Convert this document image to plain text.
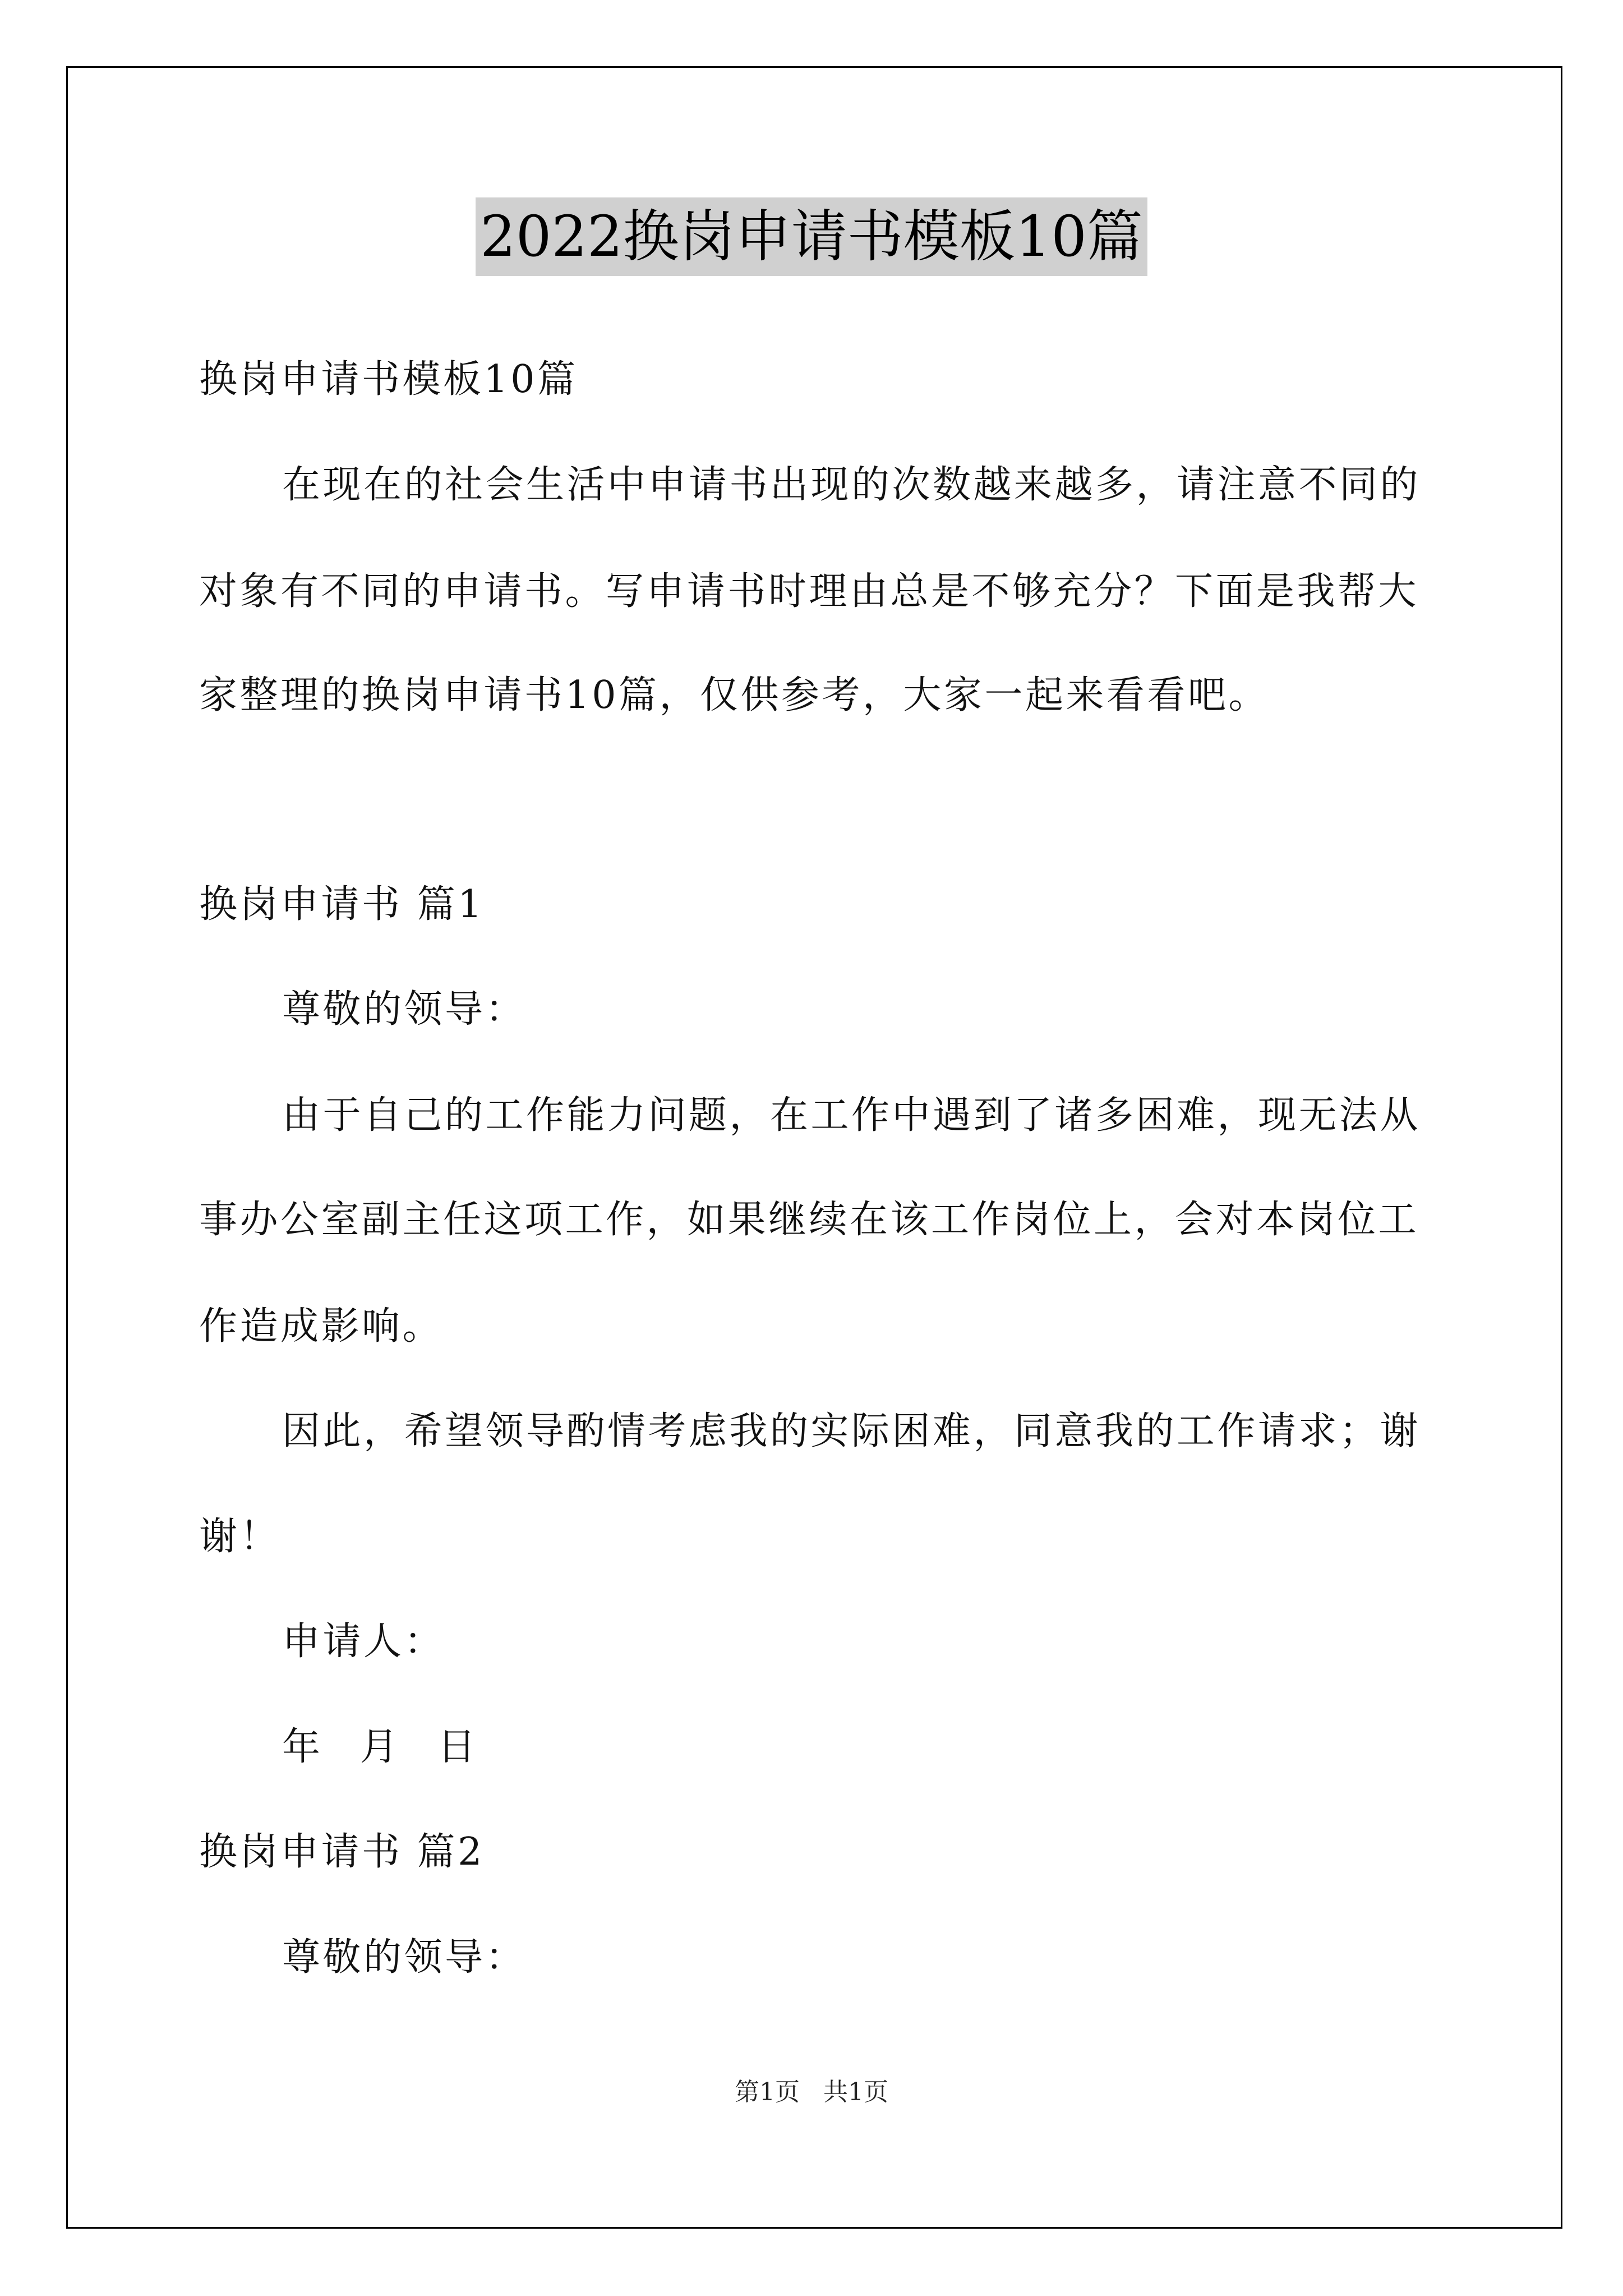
2022换岗申请书模板10篇
换岗申请书模板10篇
在现在的社会生活中申请书出现的次数越来越多，请注意不同的
对象有不同的申请书。写申请书时理由总是不够充分？下面是我帮大
家整理的换岗申请书10篇，仅供参考，大家一起来看看吧。
换岗申请书 篇1
尊敬的领导：
由于自己的工作能力问题，在工作中遇到了诸多困难，现无法从
事办公室副主任这项工作，如果继续在该工作岗位上，会对本岗位工
作造成影响。
因此，希望领导酌情考虑我的实际困难，同意我的工作请求；谢
谢！
申请人：
年 月 日
换岗申请书 篇2
尊敬的领导：
第1页   共1页
